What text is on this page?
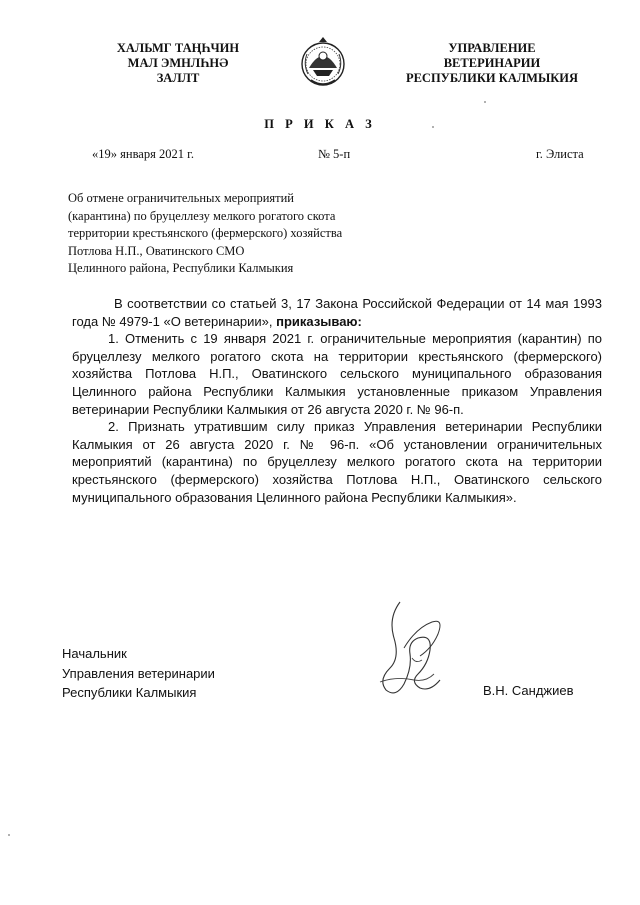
ХАЛЬМГ ТАҢҺЧИН
МАЛ ЭМНЛҺНӘ
ЗАЛЛТ
УПРАВЛЕНИЕ
ВЕТЕРИНАРИИ
РЕСПУБЛИКИ КАЛМЫКИЯ
П Р И К А З
«19» января 2021 г.	№ 5-п	г. Элиста
Об отмене ограничительных мероприятий
(карантина) по бруцеллезу мелкого рогатого скота
территории крестьянского (фермерского) хозяйства
Потлова Н.П., Оватинского СМО
Целинного района, Республики Калмыкия

В соответствии со статьей 3, 17 Закона Российской Федерации от 14 мая 1993 года № 4979-1 «О ветеринарии», приказываю:

1. Отменить с 19 января 2021 г. ограничительные мероприятия (карантин) по бруцеллезу мелкого рогатого скота на территории крестьянского (фермерского) хозяйства Потлова Н.П., Оватинского сельского муниципального образования Целинного района Республики Калмыкия установленные приказом Управления ветеринарии Республики Калмыкия от 26 августа 2020 г. № 96-п.

2. Признать утратившим силу приказ Управления ветеринарии Республики Калмыкия от 26 августа 2020 г. № 96-п. «Об установлении ограничительных мероприятий (карантина) по бруцеллезу мелкого рогатого скота на территории крестьянского (фермерского) хозяйства Потлова Н.П., Оватинского сельского муниципального образования Целинного района Республики Калмыкия».

Начальник
Управления ветеринарии
Республики Калмыкия	В.Н. Санджиев
